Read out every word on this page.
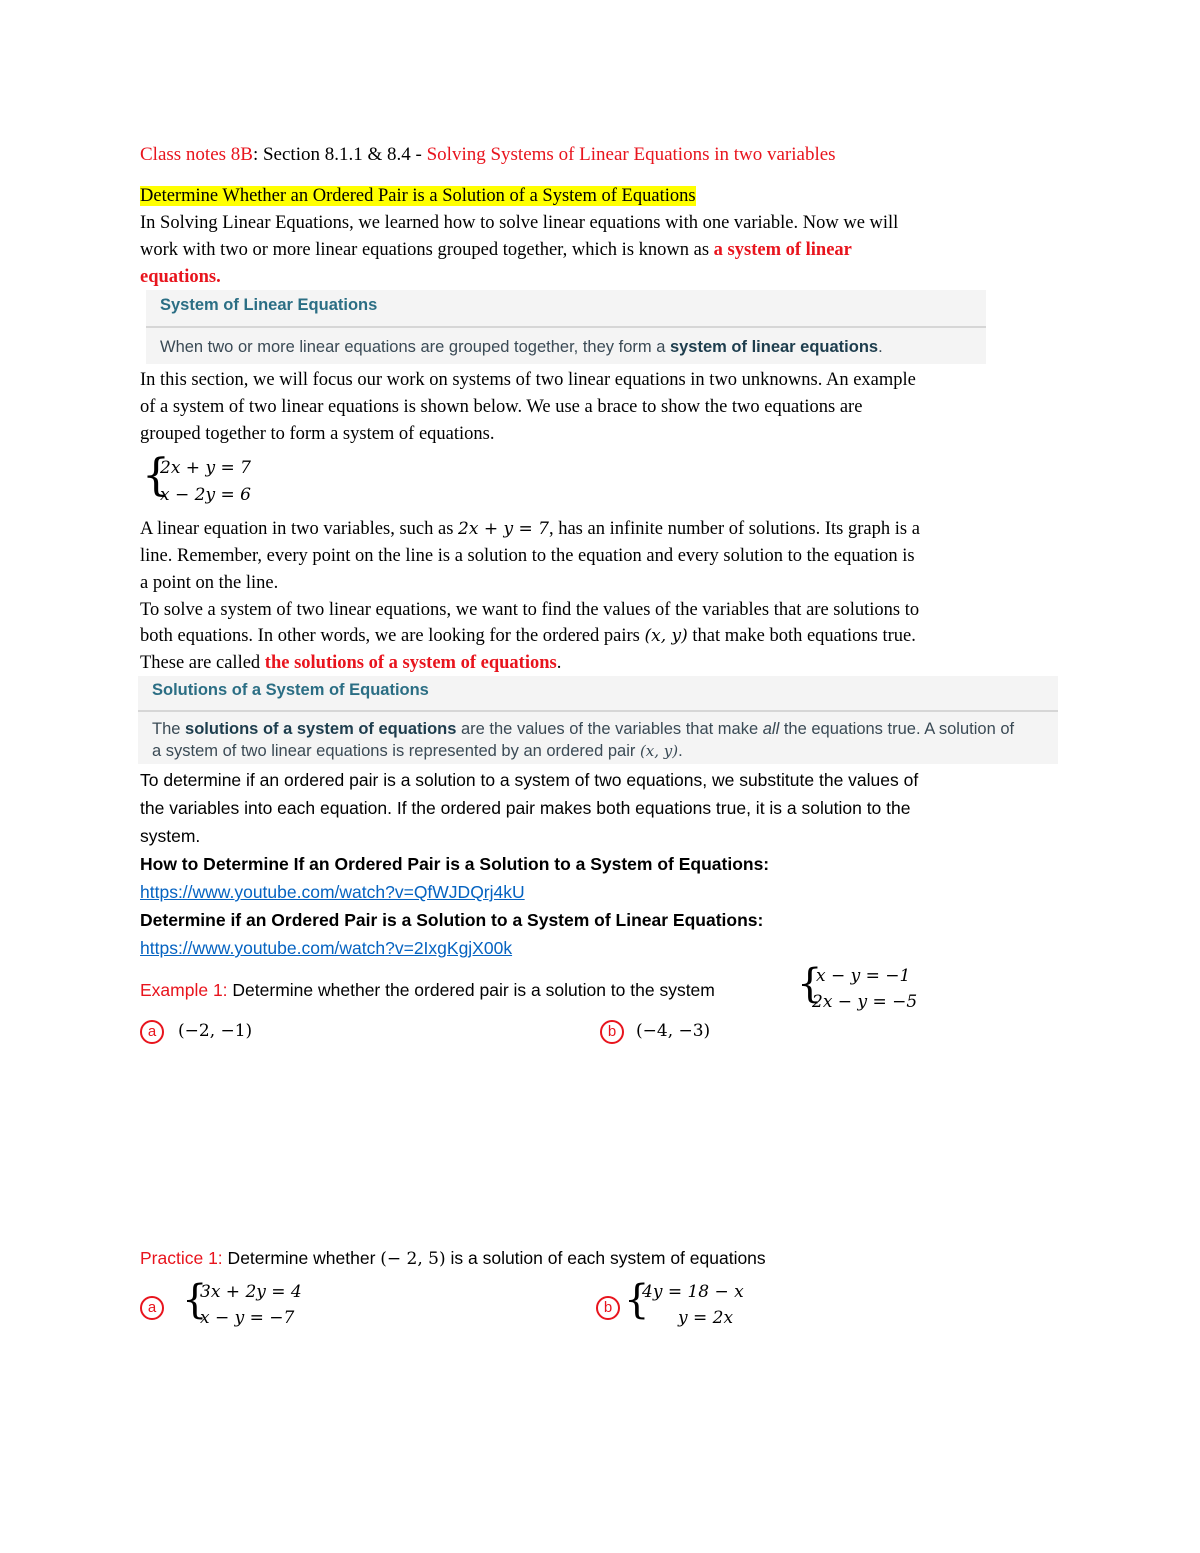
Class notes 8B: Section 8.1.1 & 8.4 - Solving Systems of Linear Equations in two variables
Determine Whether an Ordered Pair is a Solution of a System of Equations
In Solving Linear Equations, we learned how to solve linear equations with one variable. Now we will
work with two or more linear equations grouped together, which is known as a system of linear
equations.
System of Linear Equations
When two or more linear equations are grouped together, they form a system of linear equations.
In this section, we will focus our work on systems of two linear equations in two unknowns. An example
of a system of two linear equations is shown below. We use a brace to show the two equations are
grouped together to form a system of equations.
{
2x + y = 7
x − 2y = 6
A linear equation in two variables, such as 2x + y = 7, has an infinite number of solutions. Its graph is a
line. Remember, every point on the line is a solution to the equation and every solution to the equation is
a point on the line.
To solve a system of two linear equations, we want to find the values of the variables that are solutions to
both equations. In other words, we are looking for the ordered pairs (x, y) that make both equations true.
These are called the solutions of a system of equations.
Solutions of a System of Equations
The solutions of a system of equations are the values of the variables that make all the equations true. A solution of
a system of two linear equations is represented by an ordered pair (x, y).
To determine if an ordered pair is a solution to a system of two equations, we substitute the values of
the variables into each equation. If the ordered pair makes both equations true, it is a solution to the
system.
How to Determine If an Ordered Pair is a Solution to a System of Equations:
https://www.youtube.com/watch?v=QfWJDQrj4kU
Determine if an Ordered Pair is a Solution to a System of Linear Equations:
https://www.youtube.com/watch?v=2IxgKgjX00k
Example 1: Determine whether the ordered pair is a solution to the system {
x − y = −1
2x − y = −5
a (−2, −1)	b (−4, −3)
Practice 1: Determine whether (− 2, 5) is a solution of each system of equations
a {
3x + 2y = 4
x − y = −7
b {
4y = 18 − x
y = 2x
